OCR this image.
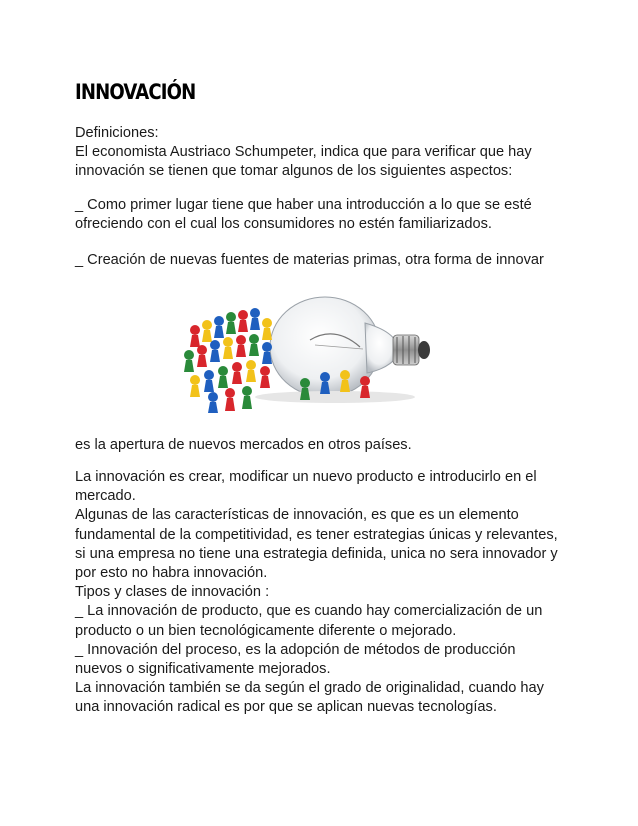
INNOVACIÓN

Definiciones:

El economista Austriaco Schumpeter, indica que para verificar que hay

innovación se tienen que tomar algunos de los siguientes aspectos:

_ Como primer lugar tiene que haber una introducción a lo que se esté

ofreciendo con el cual los consumidores no estén familiarizados.

_ Creación de nuevas fuentes de materias primas, otra forma de innovar

es la apertura de nuevos mercados en otros países.

La innovación es crear, modificar un nuevo producto e introducirlo en el

mercado.

Algunas de las características de innovación, es que es un elemento

fundamental de la competitividad, es tener estrategias únicas y relevantes,

si una empresa no tiene una estrategia definida, unica no sera innovador y

por esto no habra innovación.

Tipos y clases de innovación :

_ La innovación de producto, que es cuando hay comercialización de un

producto o un bien tecnológicamente diferente o mejorado.

_ Innovación del proceso, es la adopción de métodos de producción

nuevos o significativamente mejorados.

La innovación también se da según el grado de originalidad, cuando hay

una innovación radical es por que se aplican nuevas tecnologías.
